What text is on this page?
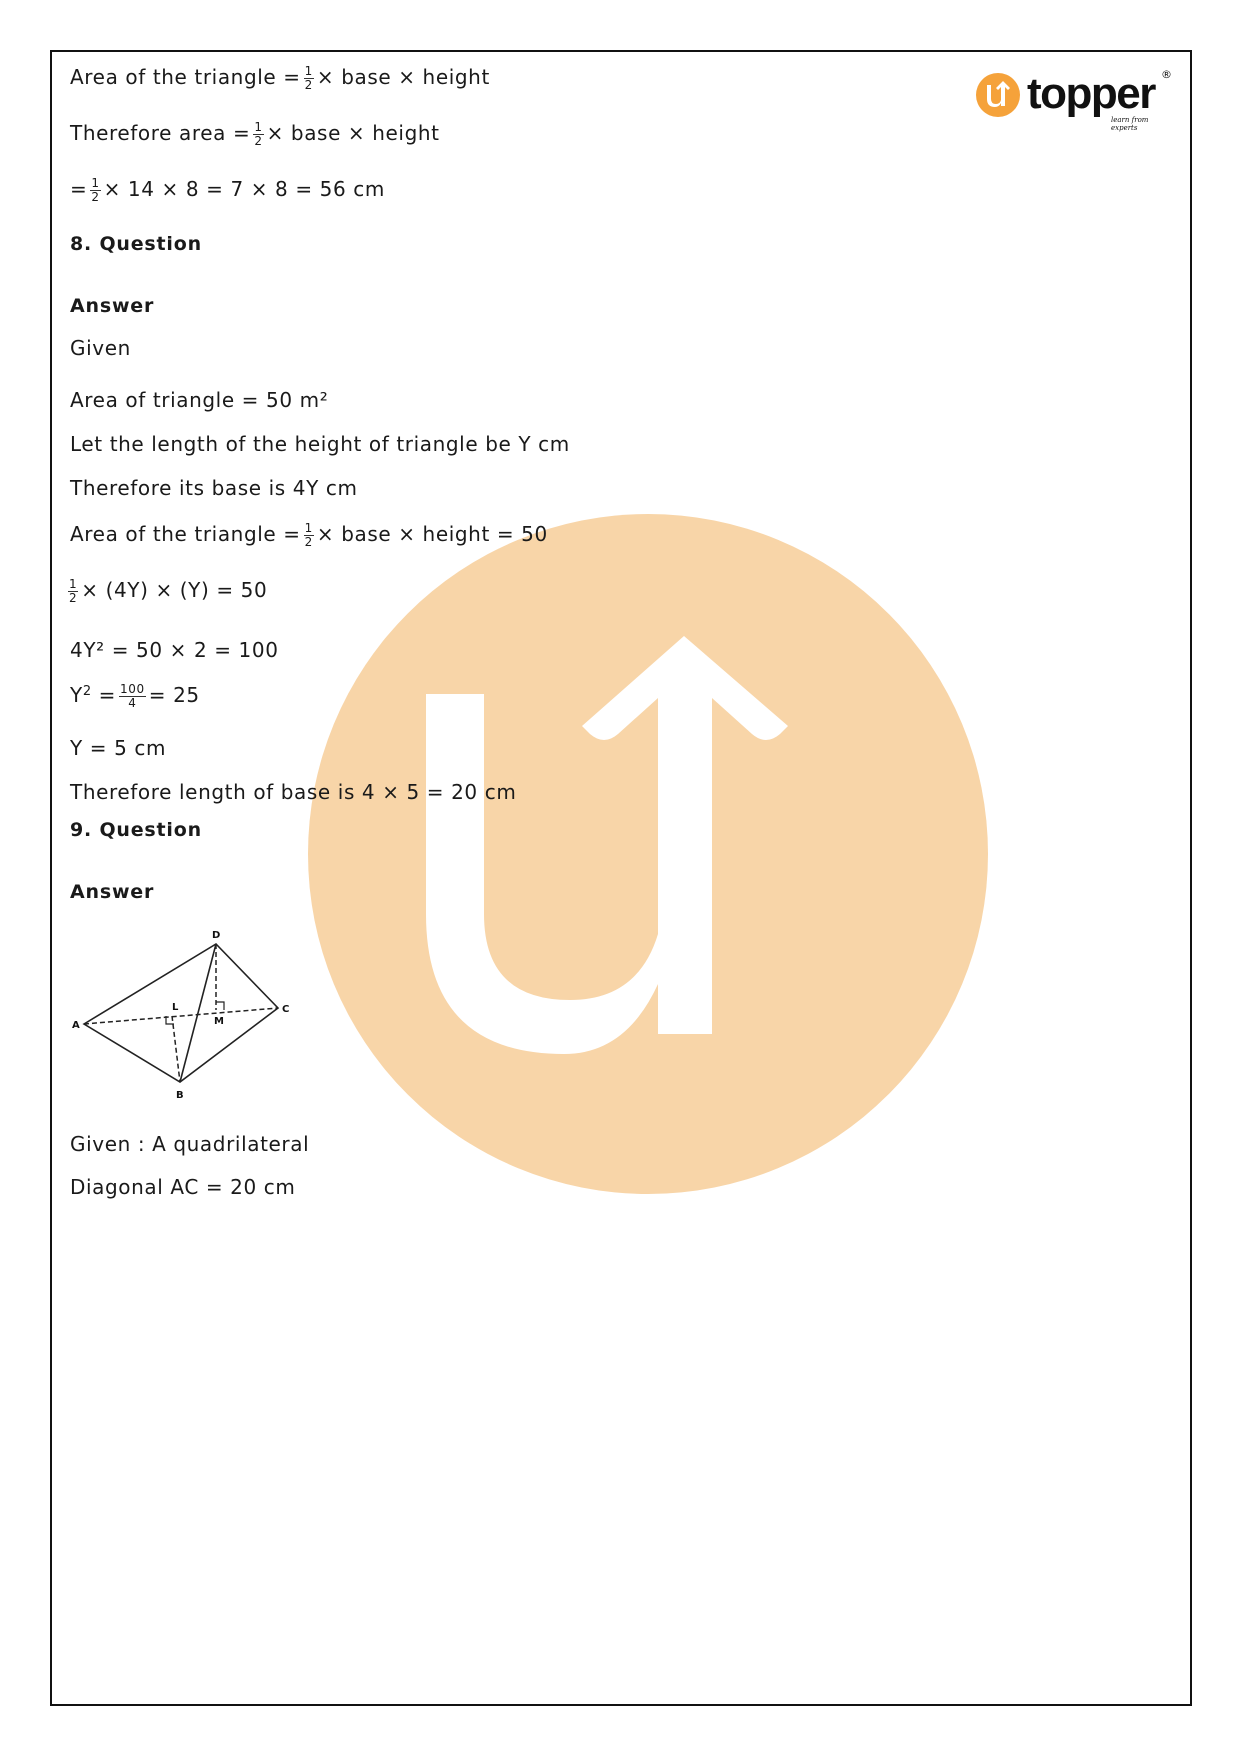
topper ®
learn from experts
Area of the triangle = $\frac{1}{2}$ × base × height
Therefore area = $\frac{1}{2}$ × base × height
= $\frac{1}{2} \times 14 \times 8 = 7 \times 8 = 56$ cm
8. Question
Answer
Given
Area of triangle = 50 m²
Let the length of the height of triangle be Y cm
Therefore its base is 4Y cm
Area of the triangle = $\frac{1}{2}$ × base × height = 50
$\frac{1}{2} \times (4Y) \times (Y) = 50$
4Y² = 50 × 2 = 100
$Y^2 = \frac{100}{4} = 25$
Y = 5 cm
Therefore length of base is 4 × 5 = 20 cm
9. Question
Answer
A
B
C
D
L
M
Given : A quadrilateral
Diagonal AC = 20 cm
